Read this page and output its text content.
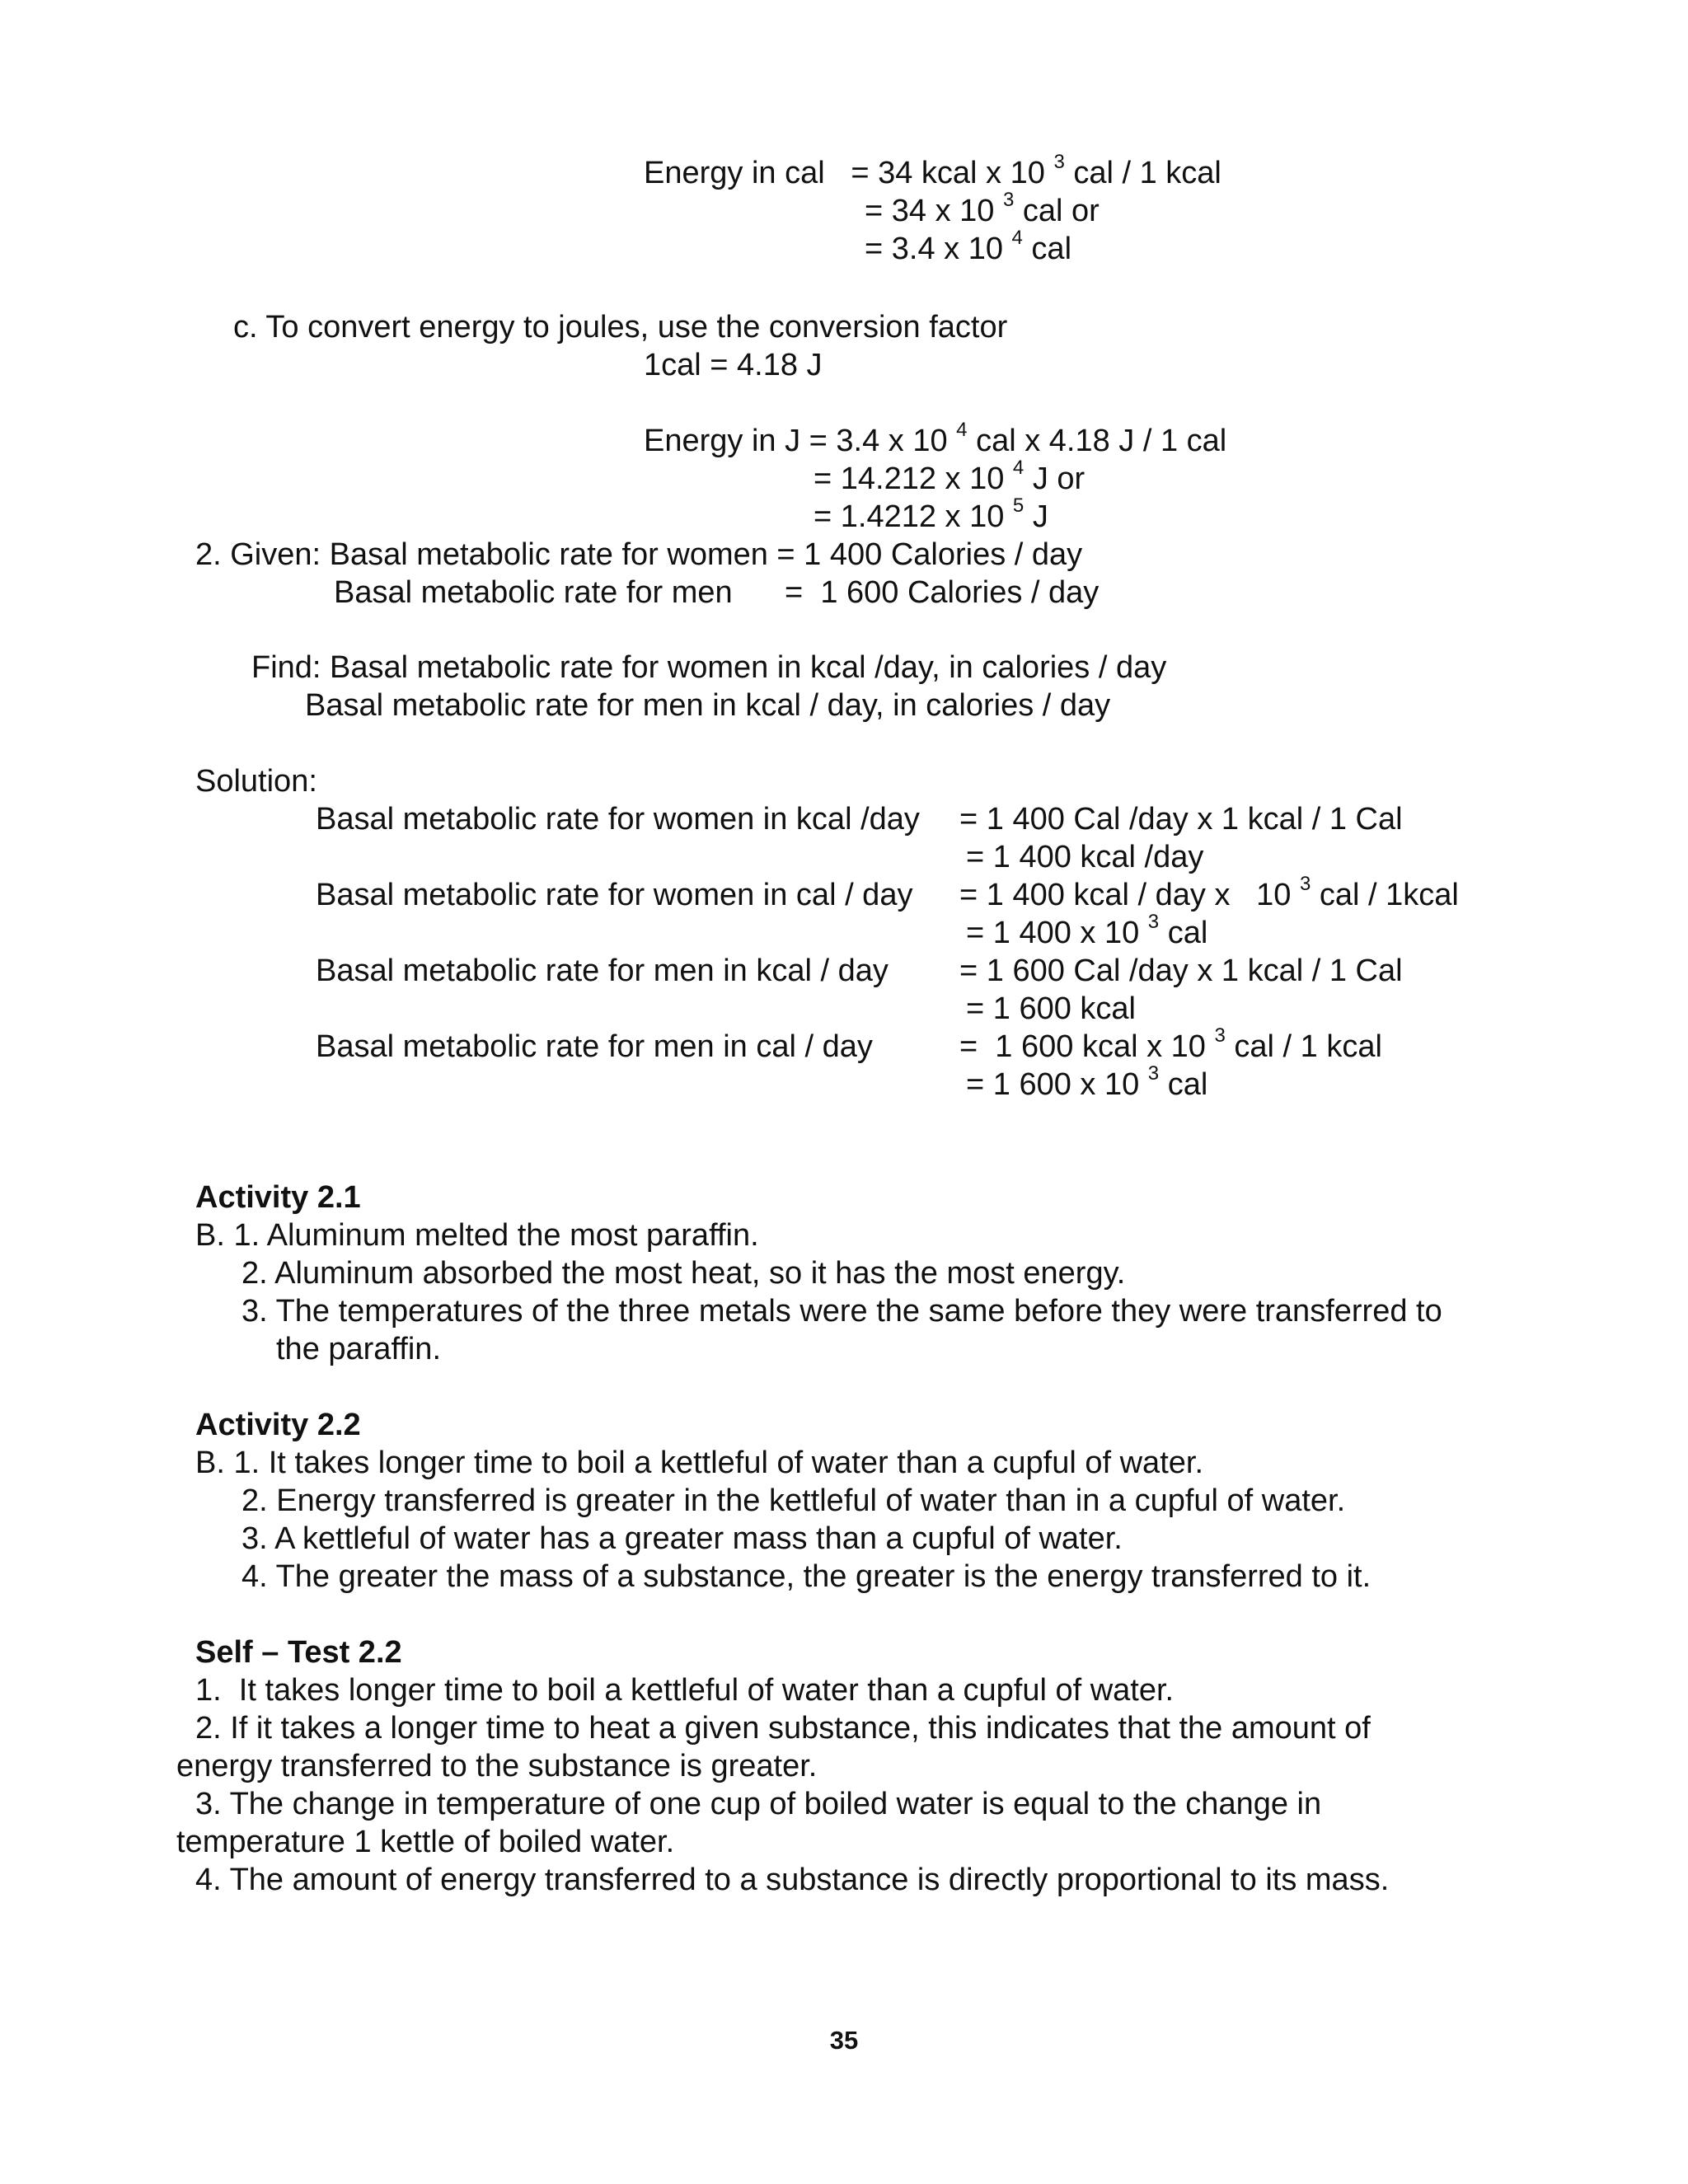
Energy in cal   = 34 kcal x 10 $^3$ cal / 1 kcal
= 34 x 10 $^3$ cal or
= 3.4 x 10 $^4$ cal
c. To convert energy to joules, use the conversion factor
1cal = 4.18 J
Energy in J = 3.4 x 10 $^4$ cal x 4.18 J / 1 cal
= 14.212 x 10 $^4$ J or
= 1.4212 x 10 $^5$ J
2. Given: Basal metabolic rate for women = 1 400 Calories / day
Basal metabolic rate for men      =  1 600 Calories / day
Find: Basal metabolic rate for women in kcal /day, in calories / day
Basal metabolic rate for men in kcal / day, in calories / day
Solution:
Basal metabolic rate for women in kcal /day = 1 400 Cal /day x 1 kcal / 1 Cal
= 1 400 kcal /day
Basal metabolic rate for women in cal / day = 1 400 kcal / day x   10 $^3$ cal / 1kcal
= 1 400 x 10 $^3$ cal
Basal metabolic rate for men in kcal / day = 1 600 Cal /day x 1 kcal / 1 Cal
= 1 600 kcal
Basal metabolic rate for men in cal / day	=  1 600 kcal x 10 $^3$ cal / 1 kcal
= 1 600 x 10 $^3$ cal
Activity 2.1
B. 1. Aluminum melted the most paraffin.
2. Aluminum absorbed the most heat, so it has the most energy.
3. The temperatures of the three metals were the same before they were transferred to
the paraffin.
Activity 2.2
B. 1. It takes longer time to boil a kettleful of water than a cupful of water.
2. Energy transferred is greater in the kettleful of water than in a cupful of water.
3. A kettleful of water has a greater mass than a cupful of water.
4. The greater the mass of a substance, the greater is the energy transferred to it.
Self – Test 2.2
1.  It takes longer time to boil a kettleful of water than a cupful of water.
2. If it takes a longer time to heat a given substance, this indicates that the amount of
energy transferred to the substance is greater.
3. The change in temperature of one cup of boiled water is equal to the change in
temperature 1 kettle of boiled water.
4. The amount of energy transferred to a substance is directly proportional to its mass.
35
